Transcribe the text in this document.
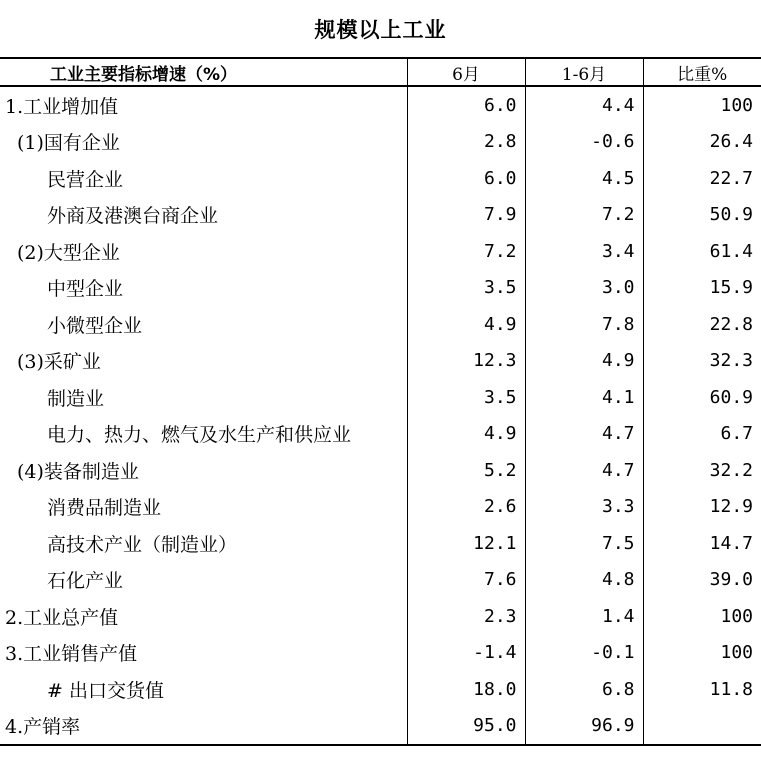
规模以上工业
工业主要指标增速（%）	6月	1-6月	比重%
1.工业增加值	6.0	4.4	100
(1)国有企业	2.8	-0.6	26.4
民营企业	6.0	4.5	22.7
外商及港澳台商企业	7.9	7.2	50.9
(2)大型企业	7.2	3.4	61.4
中型企业	3.5	3.0	15.9
小微型企业	4.9	7.8	22.8
(3)采矿业	12.3	4.9	32.3
制造业	3.5	4.1	60.9
电力、热力、燃气及水生产和供应业	4.9	4.7	6.7
(4)装备制造业	5.2	4.7	32.2
消费品制造业	2.6	3.3	12.9
高技术产业（制造业）	12.1	7.5	14.7
石化产业	7.6	4.8	39.0
2.工业总产值	2.3	1.4	100
3.工业销售产值	-1.4	-0.1	100
# 出口交货值	18.0	6.8	11.8
4.产销率	95.0	96.9	
